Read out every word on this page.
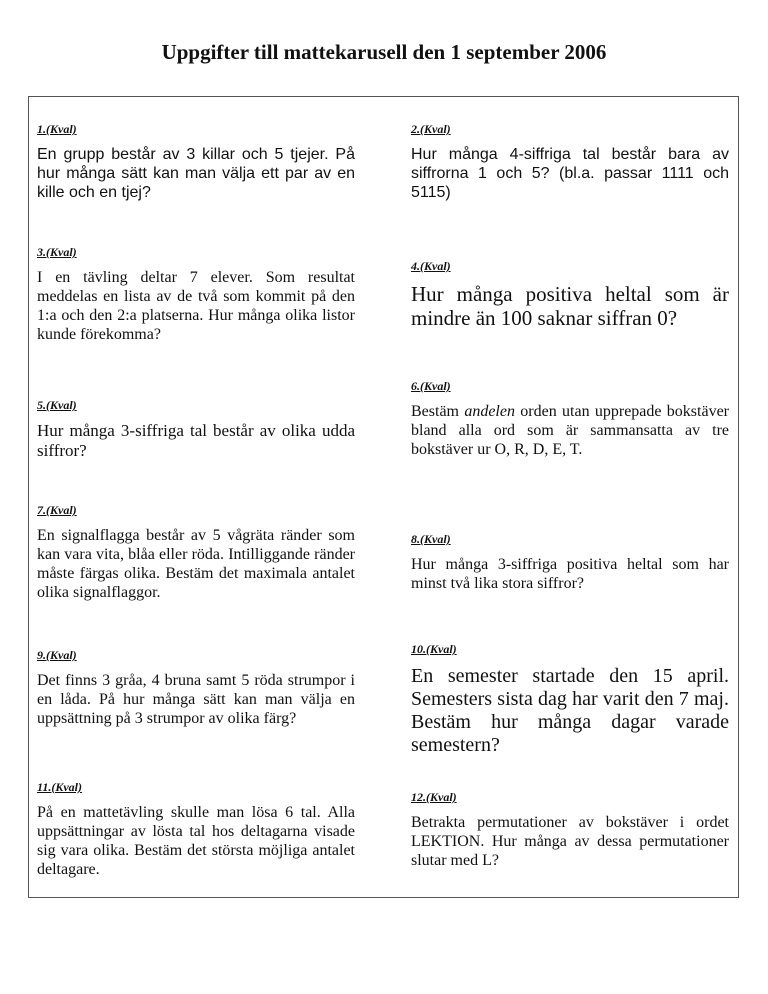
Uppgifter till mattekarusell den 1 september 2006
1.(Kval)
En grupp består av 3 killar och 5 tjejer. På hur många sätt kan man välja ett par av en kille och en tjej?
2.(Kval)
Hur många 4-siffriga tal består bara av siffrorna 1 och 5? (bl.a. passar 1111 och 5115)
3.(Kval)
I en tävling deltar 7 elever. Som resultat meddelas en lista av de två som kommit på den 1:a och den 2:a platserna. Hur många olika listor kunde förekomma?
4.(Kval)
Hur många positiva heltal som är mindre än 100 saknar siffran 0?
5.(Kval)
Hur många 3-siffriga tal består av olika udda siffror?
6.(Kval)
Bestäm andelen orden utan upprepade bokstäver bland alla ord som är sammansatta av tre bokstäver ur O, R, D, E, T.
7.(Kval)
En signalflagga består av 5 vågräta ränder som kan vara vita, blåa eller röda. Intilliggande ränder måste färgas olika. Bestäm det maximala antalet olika signalflaggor.
8.(Kval)
Hur många 3-siffriga positiva heltal som har minst två lika stora siffror?
9.(Kval)
Det finns 3 gråa, 4 bruna samt 5 röda strumpor i en låda. På hur många sätt kan man välja en uppsättning på 3 strumpor av olika färg?
10.(Kval)
En semester startade den 15 april. Semesters sista dag har varit den 7 maj. Bestäm hur många dagar varade semestern?
11.(Kval)
På en mattetävling skulle man lösa 6 tal. Alla uppsättningar av lösta tal hos deltagarna visade sig vara olika. Bestäm det största möjliga antalet deltagare.
12.(Kval)
Betrakta permutationer av bokstäver i ordet LEKTION. Hur många av dessa permutationer slutar med L?
